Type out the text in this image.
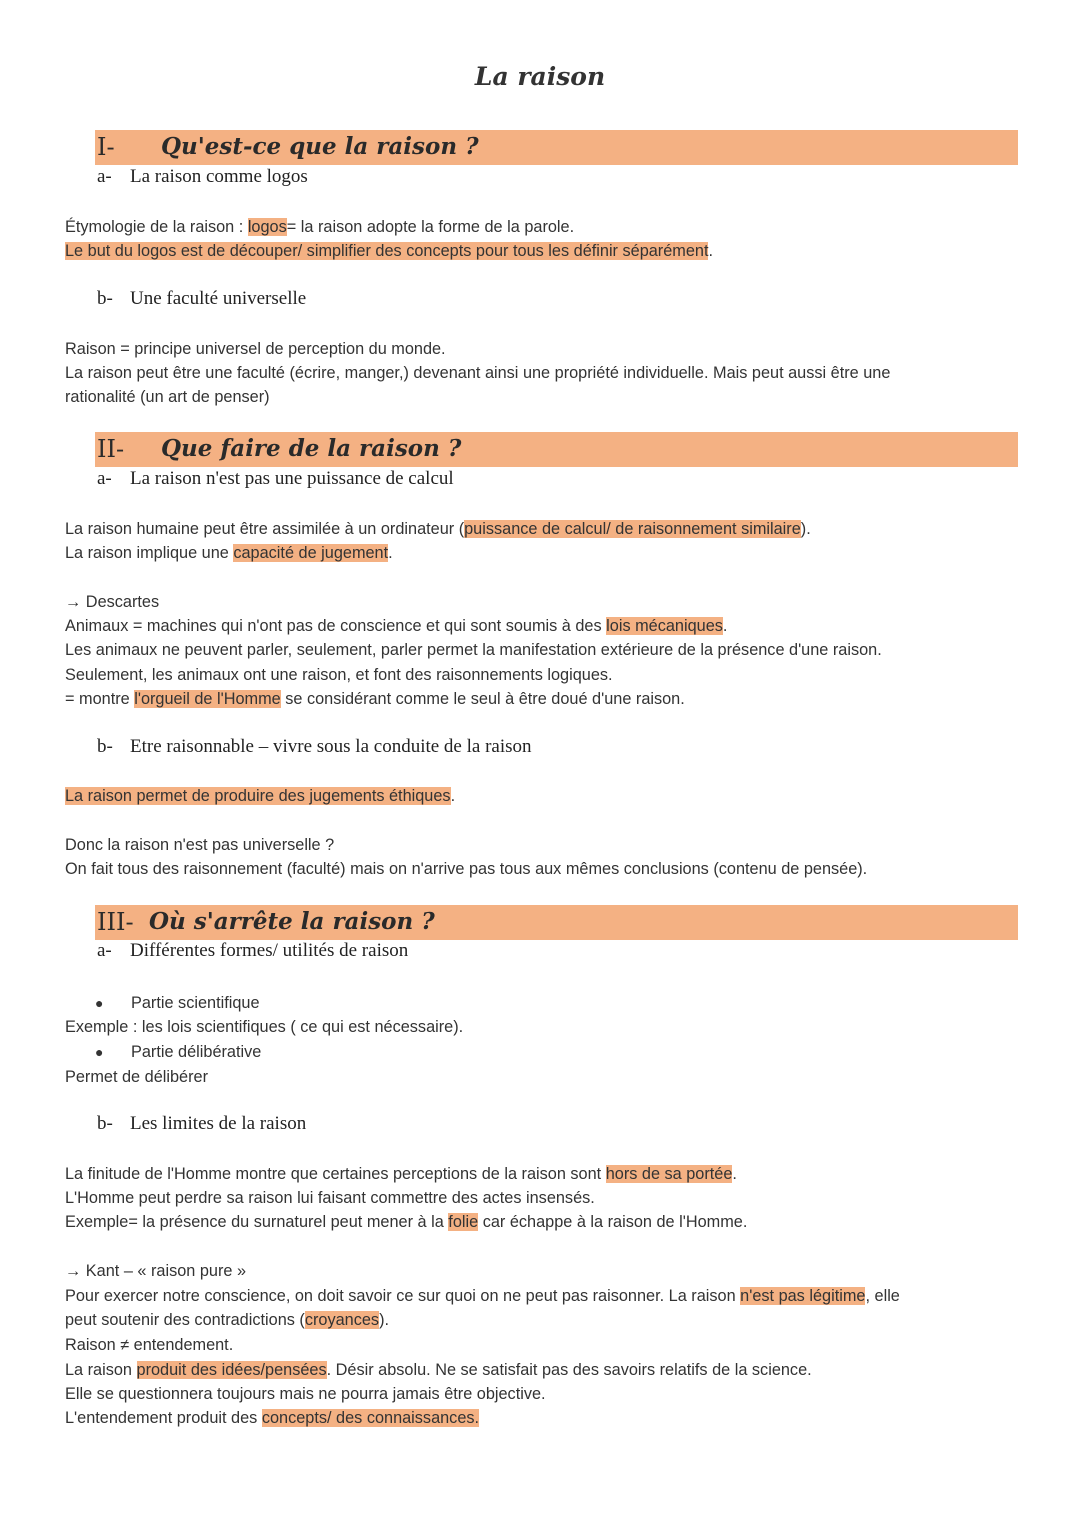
La raison
I- Qu'est-ce que la raison ?
a- La raison comme logos
Étymologie de la raison : logos= la raison adopte la forme de la parole.
Le but du logos est de découper/ simplifier des concepts pour tous les définir séparément.
b- Une faculté universelle
Raison = principe universel de perception du monde.
La raison peut être une faculté (écrire, manger,) devenant ainsi une propriété individuelle. Mais peut aussi être une
rationalité (un art de penser)
II- Que faire de la raison ?
a- La raison n'est pas une puissance de calcul
La raison humaine peut être assimilée à un ordinateur (puissance de calcul/ de raisonnement similaire).
La raison implique une capacité de jugement.
→ Descartes
Animaux = machines qui n'ont pas de conscience et qui sont soumis à des lois mécaniques.
Les animaux ne peuvent parler, seulement, parler permet la manifestation extérieure de la présence d'une raison.
Seulement, les animaux ont une raison, et font des raisonnements logiques.
= montre l'orgueil de l'Homme se considérant comme le seul à être doué d'une raison.
b- Etre raisonnable – vivre sous la conduite de la raison
La raison permet de produire des jugements éthiques.
Donc la raison n'est pas universelle ?
On fait tous des raisonnement (faculté) mais on n'arrive pas tous aux mêmes conclusions (contenu de pensée).
III- Où s'arrête la raison ?
a- Différentes formes/ utilités de raison
● Partie scientifique
Exemple : les lois scientifiques ( ce qui est nécessaire).
● Partie délibérative
Permet de délibérer
b- Les limites de la raison
La finitude de l'Homme montre que certaines perceptions de la raison sont hors de sa portée.
L'Homme peut perdre sa raison lui faisant commettre des actes insensés.
Exemple= la présence du surnaturel peut mener à la folie car échappe à la raison de l'Homme.
→ Kant – « raison pure »
Pour exercer notre conscience, on doit savoir ce sur quoi on ne peut pas raisonner. La raison n'est pas légitime, elle
peut soutenir des contradictions (croyances).
Raison ≠ entendement.
La raison produit des idées/pensées. Désir absolu. Ne se satisfait pas des savoirs relatifs de la science.
Elle se questionnera toujours mais ne pourra jamais être objective.
L'entendement produit des concepts/ des connaissances.
